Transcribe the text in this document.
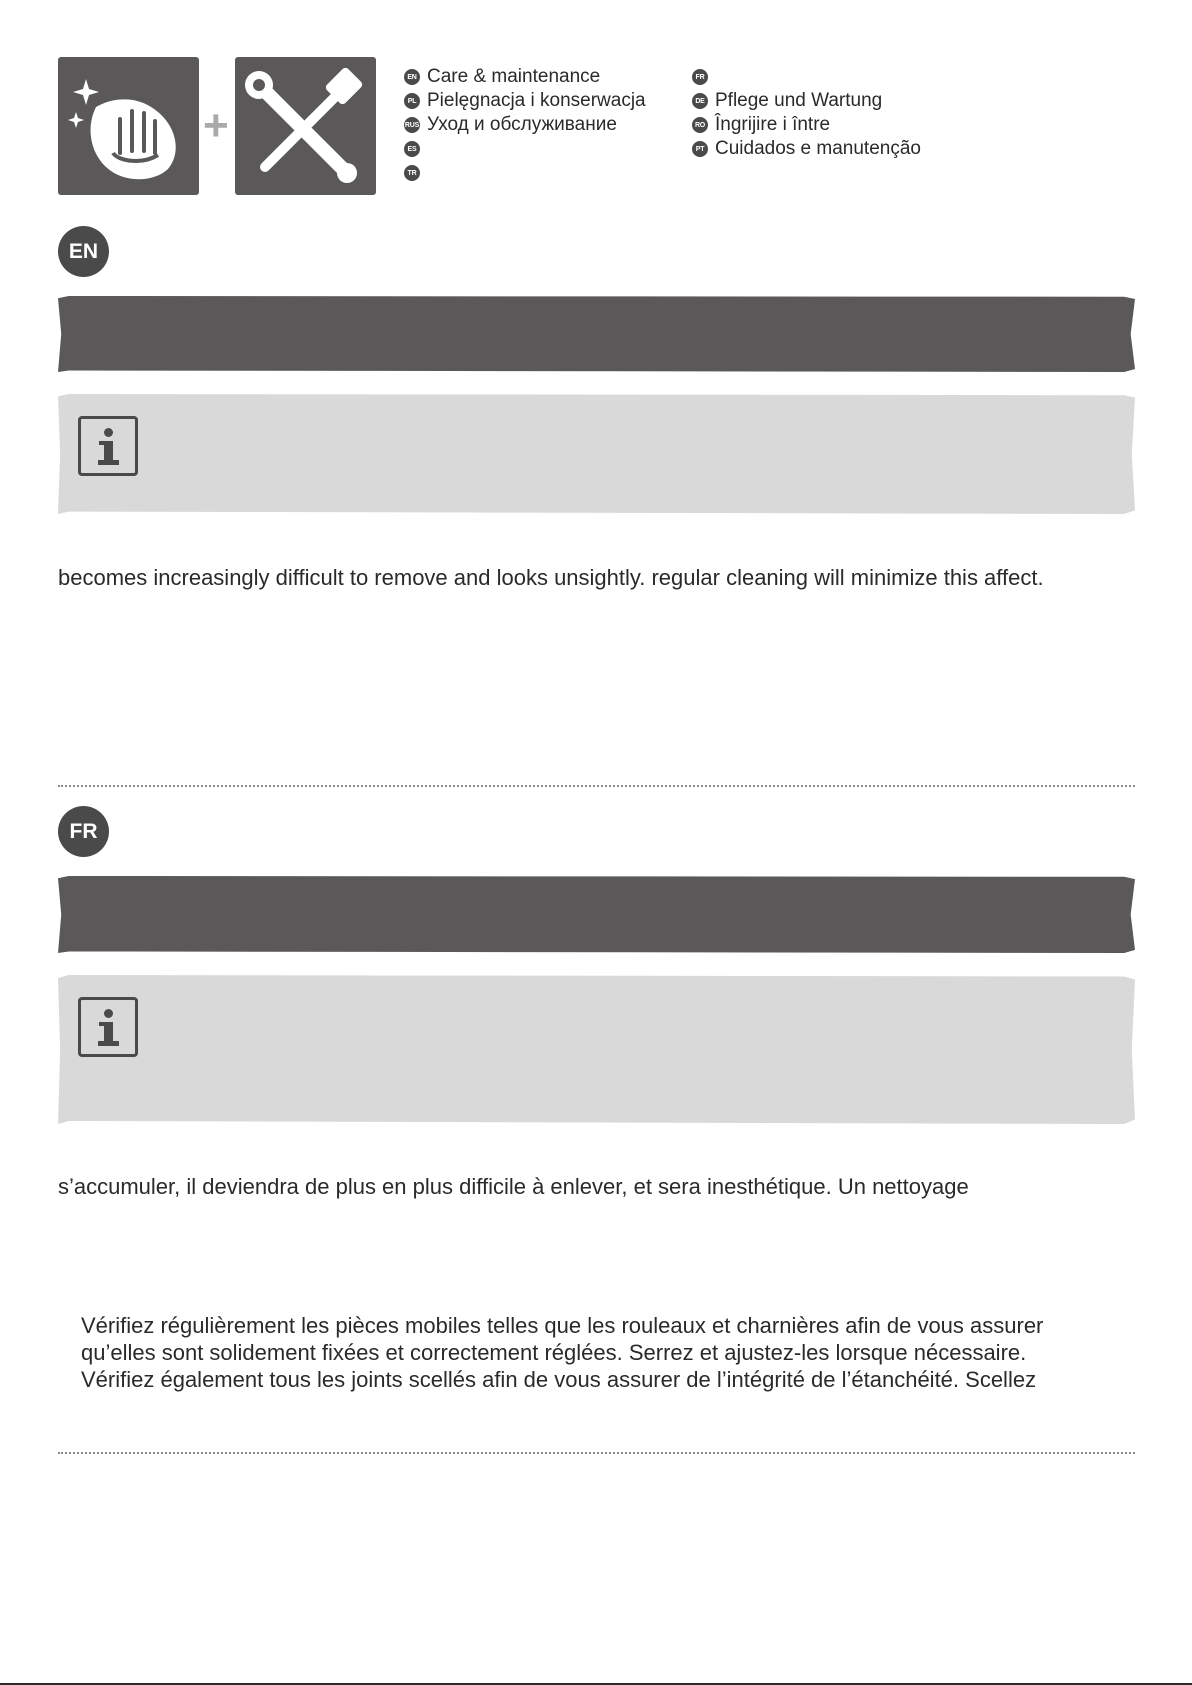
+
EN Care & maintenance
PL Pielęgnacja i konserwacja
RUS Уход и обслуживание
ES
TR
FR
DE Pflege und Wartung
RO Îngrijire i între
PT Cuidados e manutenção
EN
becomes increasingly difficult to remove and looks unsightly. regular cleaning will minimize this affect.
FR
s’accumuler, il deviendra de plus en plus difficile à enlever, et sera inesthétique. Un nettoyage
Vérifiez régulièrement les pièces mobiles telles que les rouleaux et charnières afin de vous assurer
qu’elles sont solidement fixées et correctement réglées. Serrez et ajustez-les lorsque nécessaire.
Vérifiez également tous les joints scellés afin de vous assurer de l’intégrité de l’étanchéité. Scellez
